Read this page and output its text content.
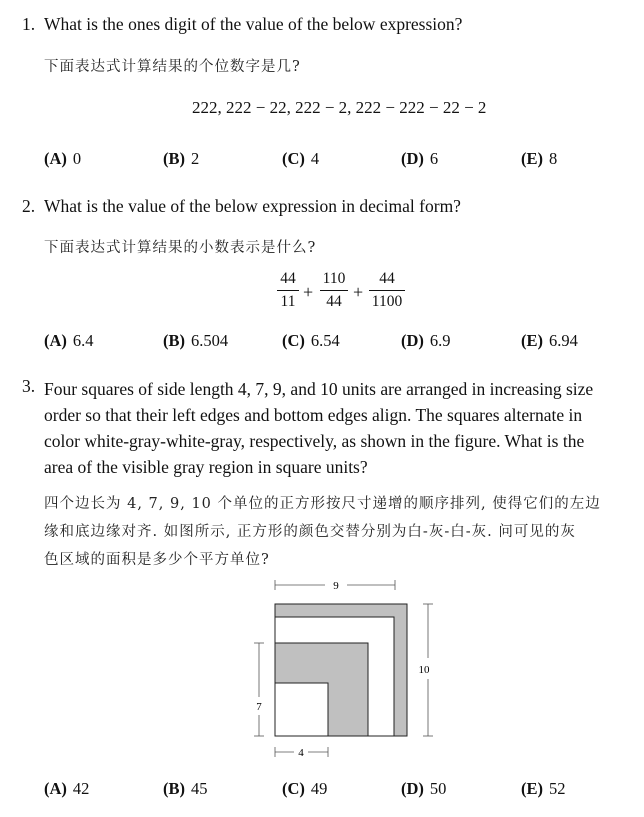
1. What is the ones digit of the value of the below expression?
下面表达式计算结果的个位数字是几?
222, 222 − 22, 222 − 2, 222 − 222 − 22 − 2
(A) 0	(B) 2	(C) 4	(D) 6	(E) 8
2. What is the value of the below expression in decimal form?
下面表达式计算结果的小数表示是什么?
44
11 +
110
44 +
44
1100
(A) 6.4	(B) 6.504	(C) 6.54	(D) 6.9	(E) 6.94
3. Four squares of side length 4, 7, 9, and 10 units are arranged in increasing size
order so that their left edges and bottom edges align. The squares alternate in
color white-gray-white-gray, respectively, as shown in the figure. What is the
area of the visible gray region in square units?
四个边长为 4, 7, 9, 10 个单位的正方形按尺寸递增的顺序排列, 使得它们的左边
缘和底边缘对齐. 如图所示, 正方形的颜色交替分别为白-灰-白-灰. 问可见的灰
色区域的面积是多少个平方单位?
9
10
7
4
(A) 42	(B) 45	(C) 49	(D) 50	(E) 52
